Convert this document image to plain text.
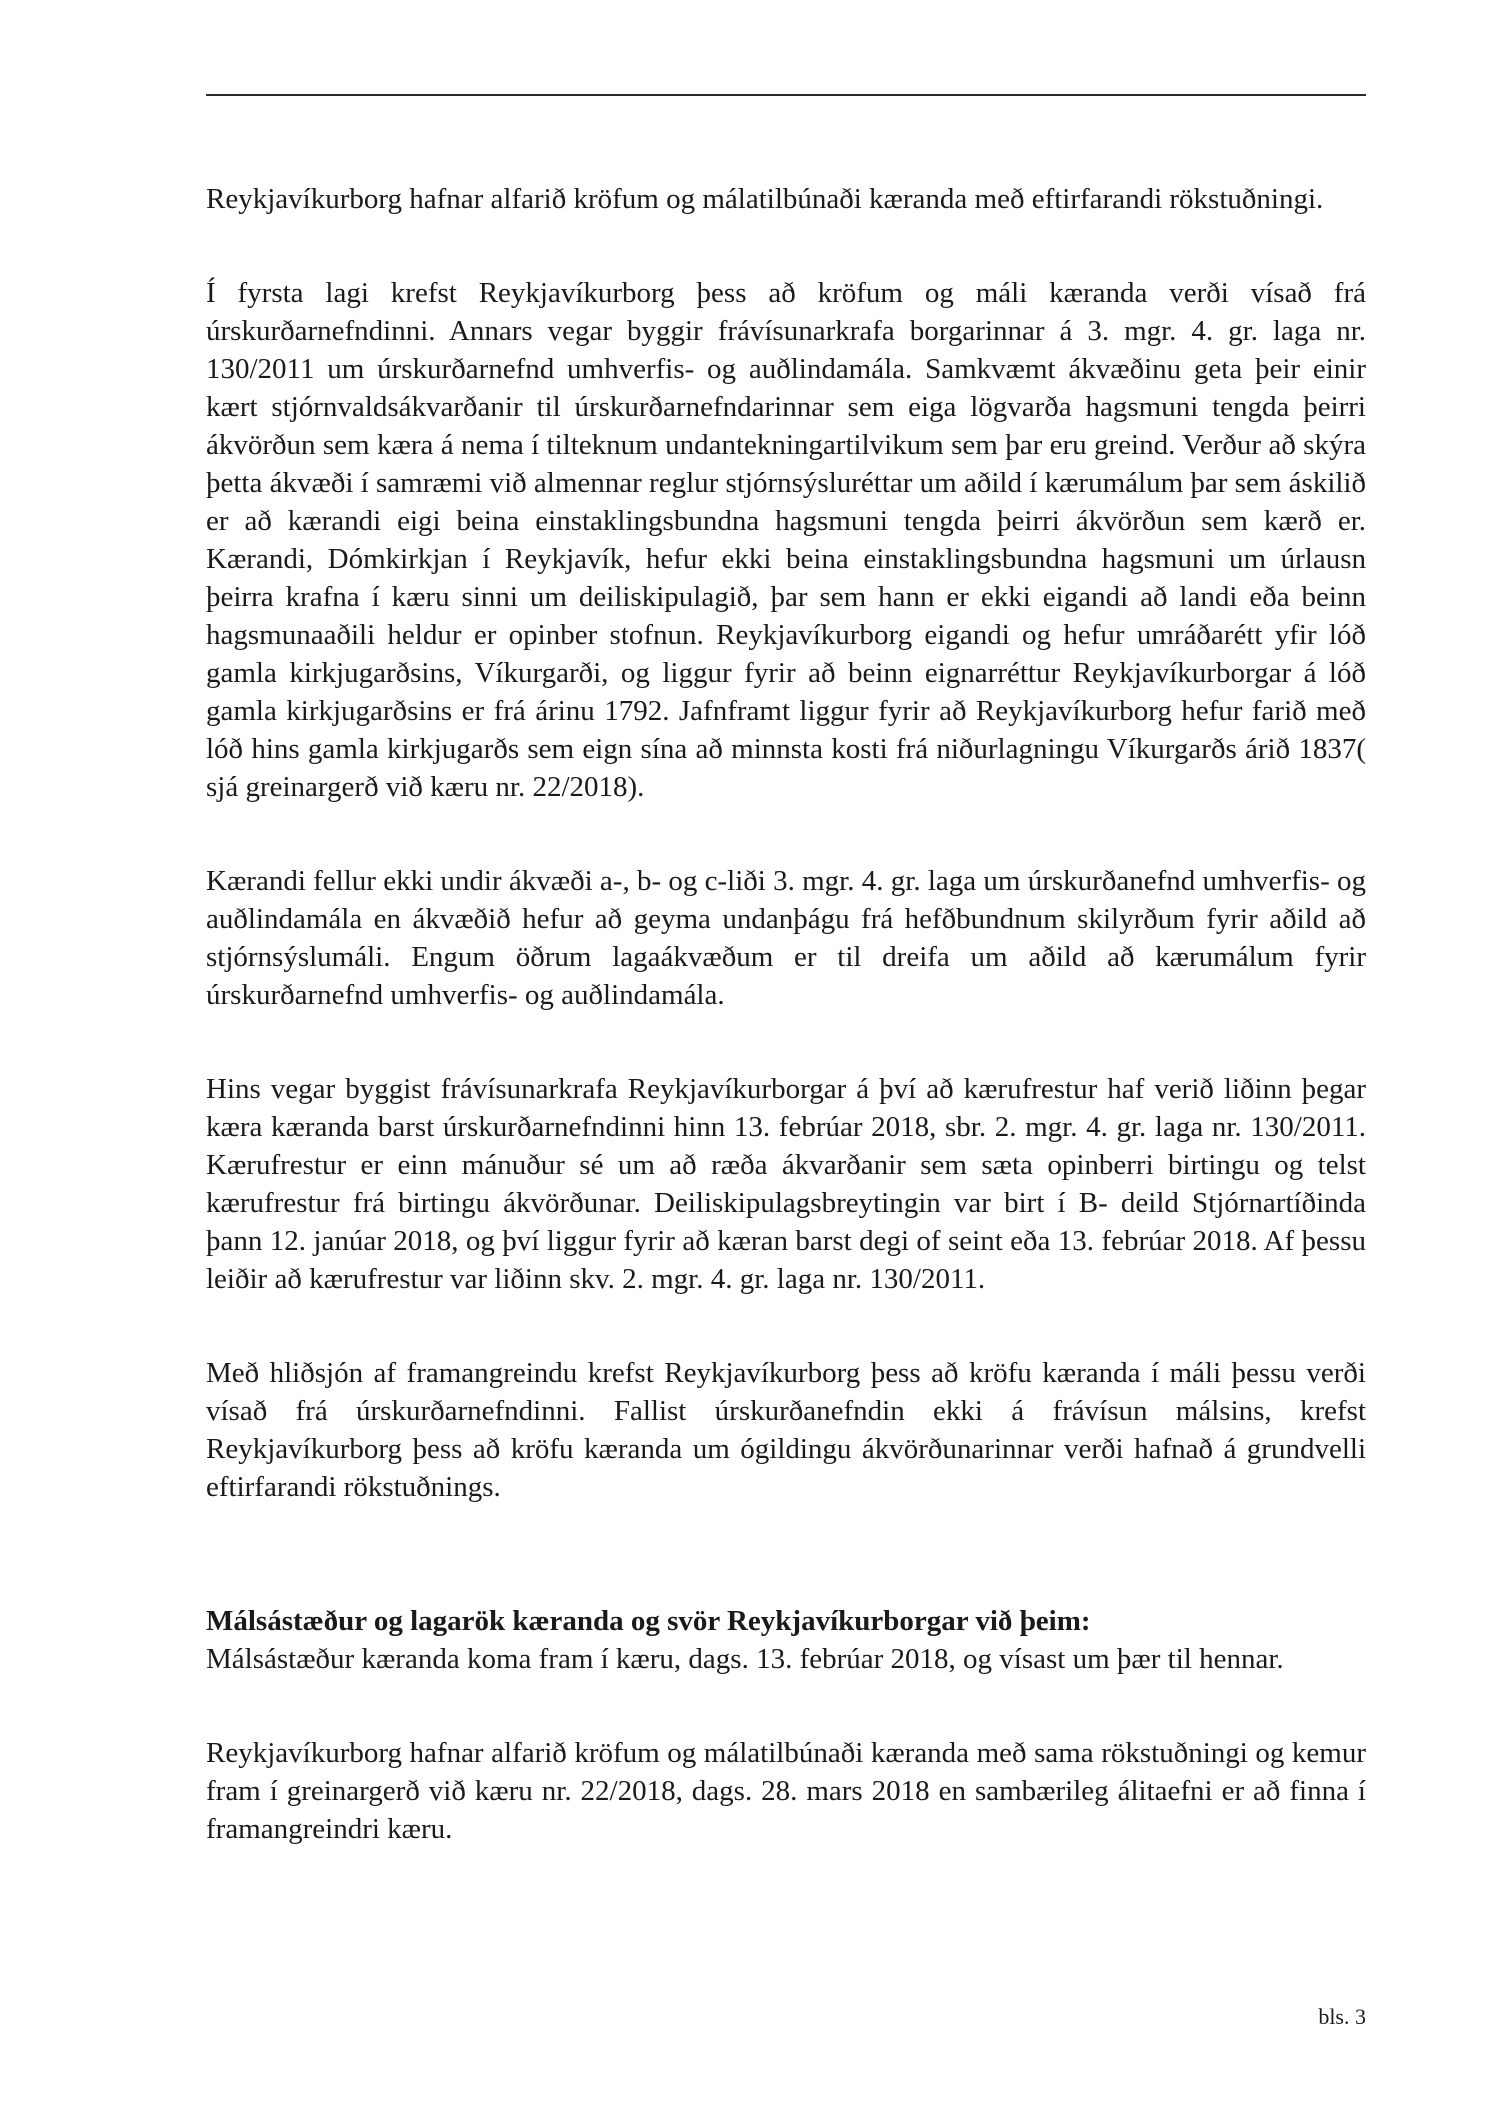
Reykjavíkurborg hafnar alfarið kröfum og málatilbúnaði kæranda með eftirfarandi rökstuðningi.

Í fyrsta lagi krefst Reykjavíkurborg þess að kröfum og máli kæranda verði vísað frá úrskurðarnefndinni. Annars vegar byggir frávísunarkrafa borgarinnar á 3. mgr. 4. gr. laga nr. 130/2011 um úrskurðarnefnd umhverfis- og auðlindamála. Samkvæmt ákvæðinu geta þeir einir kært stjórnvaldsákvarðanir til úrskurðarnefndarinnar sem eiga lögvarða hagsmuni tengda þeirri ákvörðun sem kæra á nema í tilteknum undantekningartilvikum sem þar eru greind. Verður að skýra þetta ákvæði í samræmi við almennar reglur stjórnsýsluréttar um aðild í kærumálum þar sem áskilið er að kærandi eigi beina einstaklingsbundna hagsmuni tengda þeirri ákvörðun sem kærð er. Kærandi, Dómkirkjan í Reykjavík, hefur ekki beina einstaklingsbundna hagsmuni um úrlausn þeirra krafna í kæru sinni um deiliskipulagið, þar sem hann er ekki eigandi að landi eða beinn hagsmunaaðili heldur er opinber stofnun. Reykjavíkurborg eigandi og hefur umráðarétt yfir lóð gamla kirkjugarðsins, Víkurgarði, og liggur fyrir að beinn eignarréttur Reykjavíkurborgar á lóð gamla kirkjugarðsins er frá árinu 1792. Jafnframt liggur fyrir að Reykjavíkurborg hefur farið með lóð hins gamla kirkjugarðs sem eign sína að minnsta kosti frá niðurlagningu Víkurgarðs árið 1837( sjá greinargerð við kæru nr. 22/2018).

Kærandi fellur ekki undir ákvæði a-, b- og c-liði 3. mgr. 4. gr. laga um úrskurðanefnd umhverfis- og auðlindamála en ákvæðið hefur að geyma undanþágu frá hefðbundnum skilyrðum fyrir aðild að stjórnsýslumáli. Engum öðrum lagaákvæðum er til dreifa um aðild að kærumálum fyrir úrskurðarnefnd umhverfis- og auðlindamála.

Hins vegar byggist frávísunarkrafa Reykjavíkurborgar á því að kærufrestur haf verið liðinn þegar kæra kæranda barst úrskurðarnefndinni hinn 13. febrúar 2018, sbr. 2. mgr. 4. gr. laga nr. 130/2011. Kærufrestur er einn mánuður sé um að ræða ákvarðanir sem sæta opinberri birtingu og telst kærufrestur frá birtingu ákvörðunar. Deiliskipulagsbreytingin var birt í B- deild Stjórnartíðinda þann 12. janúar 2018, og því liggur fyrir að kæran barst degi of seint eða 13. febrúar 2018. Af þessu leiðir að kærufrestur var liðinn skv. 2. mgr. 4. gr. laga nr. 130/2011.

Með hliðsjón af framangreindu krefst Reykjavíkurborg þess að kröfu kæranda í máli þessu verði vísað frá úrskurðarnefndinni. Fallist úrskurðanefndin ekki á frávísun málsins, krefst Reykjavíkurborg þess að kröfu kæranda um ógildingu ákvörðunarinnar verði hafnað á grundvelli eftirfarandi rökstuðnings.

Málsástæður og lagarök kæranda og svör Reykjavíkurborgar við þeim:

Málsástæður kæranda koma fram í kæru, dags. 13. febrúar 2018, og vísast um þær til hennar.

Reykjavíkurborg hafnar alfarið kröfum og málatilbúnaði kæranda með sama rökstuðningi og kemur fram í greinargerð við kæru nr. 22/2018, dags. 28. mars 2018 en sambærileg álitaefni er að finna í framangreindri kæru.

bls. 3
